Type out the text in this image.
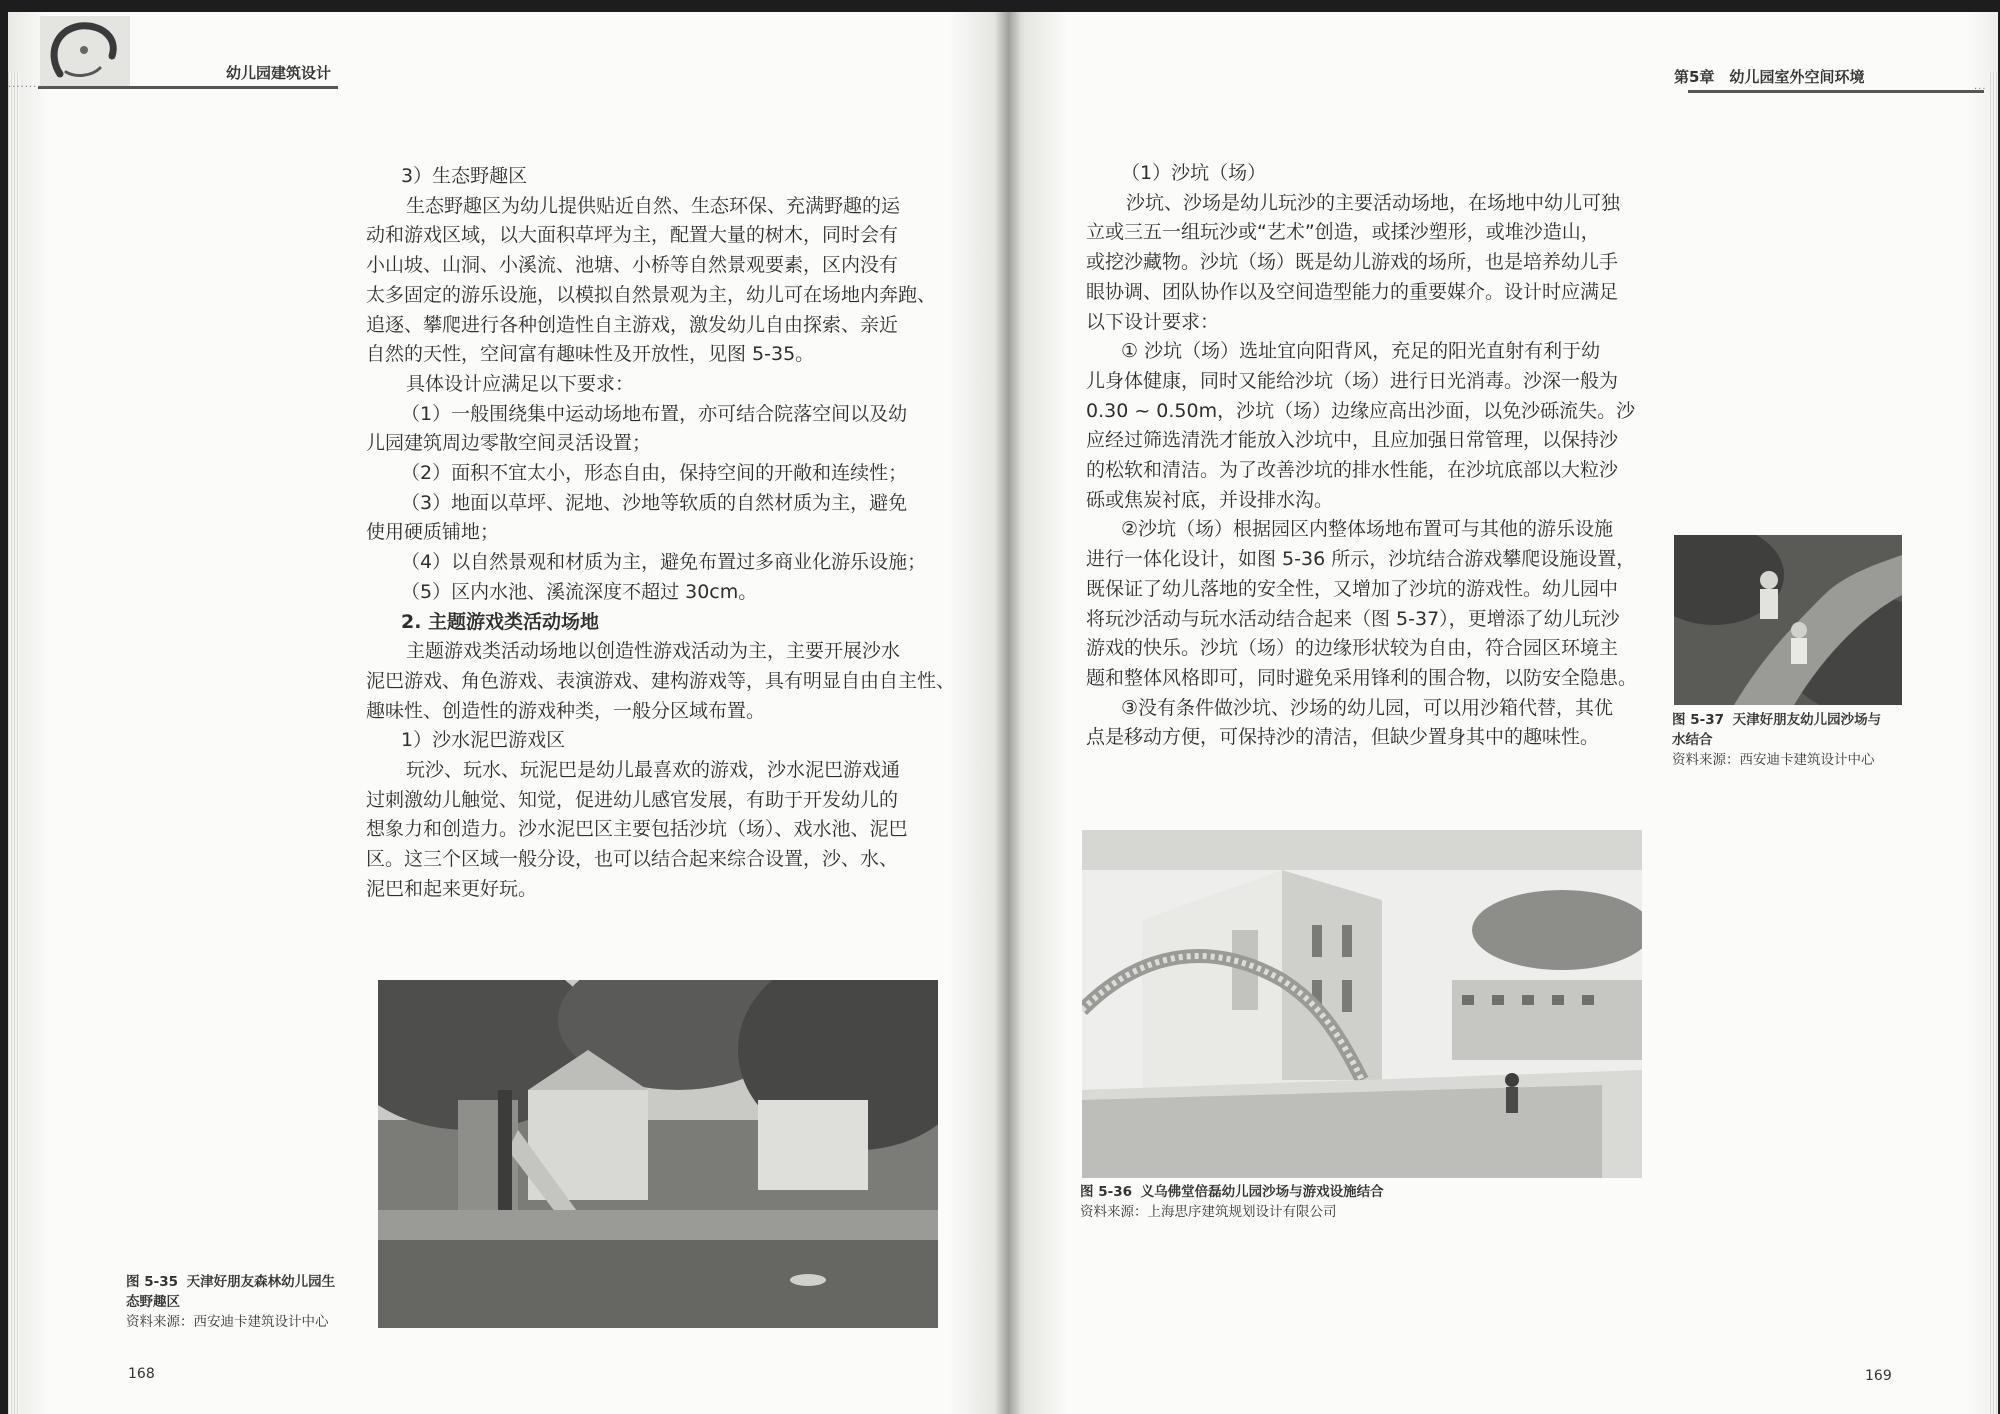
幼儿园建筑设计
··········

3）生态野趣区

生态野趣区为幼儿提供贴近自然、生态环保、充满野趣的运

动和游戏区域，以大面积草坪为主，配置大量的树木，同时会有

小山坡、山洞、小溪流、池塘、小桥等自然景观要素，区内没有

太多固定的游乐设施，以模拟自然景观为主，幼儿可在场地内奔跑、

追逐、攀爬进行各种创造性自主游戏，激发幼儿自由探索、亲近

自然的天性，空间富有趣味性及开放性，见图 5-35。

具体设计应满足以下要求：

（1）一般围绕集中运动场地布置，亦可结合院落空间以及幼

儿园建筑周边零散空间灵活设置；

（2）面积不宜太小，形态自由，保持空间的开敞和连续性；

（3）地面以草坪、泥地、沙地等软质的自然材质为主，避免

使用硬质铺地；

（4）以自然景观和材质为主，避免布置过多商业化游乐设施；

（5）区内水池、溪流深度不超过 30cm。

2. 主题游戏类活动场地

主题游戏类活动场地以创造性游戏活动为主，主要开展沙水

泥巴游戏、角色游戏、表演游戏、建构游戏等，具有明显自由自主性、

趣味性、创造性的游戏种类，一般分区域布置。

1）沙水泥巴游戏区

玩沙、玩水、玩泥巴是幼儿最喜欢的游戏，沙水泥巴游戏通

过刺激幼儿触觉、知觉，促进幼儿感官发展，有助于开发幼儿的

想象力和创造力。沙水泥巴区主要包括沙坑（场）、戏水池、泥巴

区。这三个区域一般分设，也可以结合起来综合设置，沙、水、

泥巴和起来更好玩。

图 5-35 天津好朋友森林幼儿园生
态野趣区
资料来源：西安迪卡建筑设计中心
168
第5章　幼儿园室外空间环境
···

（1）沙坑（场）

沙坑、沙场是幼儿玩沙的主要活动场地，在场地中幼儿可独

立或三五一组玩沙或“艺术”创造，或揉沙塑形，或堆沙造山，

或挖沙藏物。沙坑（场）既是幼儿游戏的场所，也是培养幼儿手

眼协调、团队协作以及空间造型能力的重要媒介。设计时应满足

以下设计要求：

① 沙坑（场）选址宜向阳背风，充足的阳光直射有利于幼

儿身体健康，同时又能给沙坑（场）进行日光消毒。沙深一般为

0.30 ~ 0.50m，沙坑（场）边缘应高出沙面，以免沙砾流失。沙

应经过筛选清洗才能放入沙坑中，且应加强日常管理，以保持沙

的松软和清洁。为了改善沙坑的排水性能，在沙坑底部以大粒沙

砾或焦炭衬底，并设排水沟。

②沙坑（场）根据园区内整体场地布置可与其他的游乐设施

进行一体化设计，如图 5-36 所示，沙坑结合游戏攀爬设施设置，

既保证了幼儿落地的安全性，又增加了沙坑的游戏性。幼儿园中

将玩沙活动与玩水活动结合起来（图 5-37），更增添了幼儿玩沙

游戏的快乐。沙坑（场）的边缘形状较为自由，符合园区环境主

题和整体风格即可，同时避免采用锋利的围合物，以防安全隐患。

③没有条件做沙坑、沙场的幼儿园，可以用沙箱代替，其优

点是移动方便，可保持沙的清洁，但缺少置身其中的趣味性。

图 5-37 天津好朋友幼儿园沙场与
水结合
资料来源：西安迪卡建筑设计中心
图 5-36 义乌佛堂倍磊幼儿园沙场与游戏设施结合
资料来源：上海思序建筑规划设计有限公司
169
